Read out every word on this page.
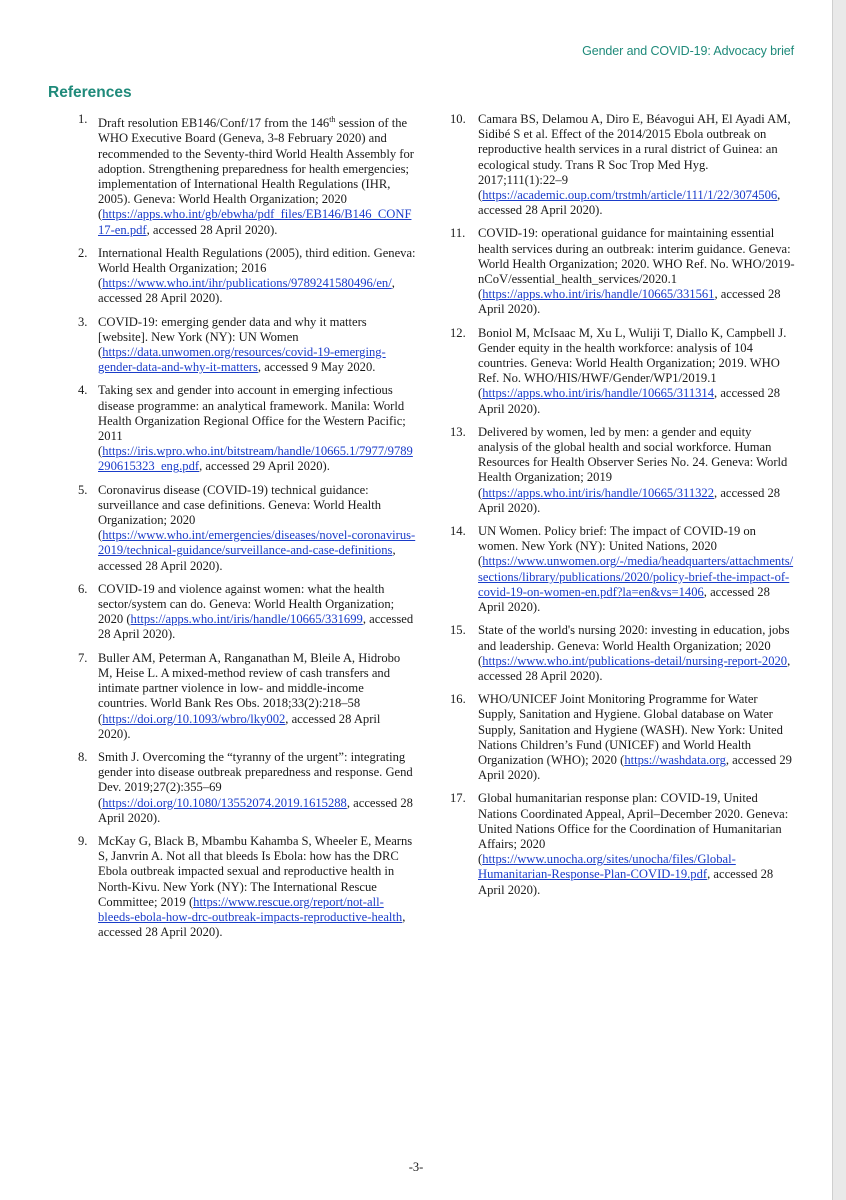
Gender and COVID-19: Advocacy brief
References
1. Draft resolution EB146/Conf/17 from the 146th session of the WHO Executive Board (Geneva, 3-8 February 2020) and recommended to the Seventy-third World Health Assembly for adoption. Strengthening preparedness for health emergencies; implementation of International Health Regulations (IHR, 2005). Geneva: World Health Organization; 2020 (https://apps.who.int/gb/ebwha/pdf_files/EB146/B146_CONF17-en.pdf, accessed 28 April 2020).
2. International Health Regulations (2005), third edition. Geneva: World Health Organization; 2016 (https://www.who.int/ihr/publications/9789241580496/en/, accessed 28 April 2020).
3. COVID-19: emerging gender data and why it matters [website]. New York (NY): UN Women (https://data.unwomen.org/resources/covid-19-emerging-gender-data-and-why-it-matters, accessed 9 May 2020.
4. Taking sex and gender into account in emerging infectious disease programme: an analytical framework. Manila: World Health Organization Regional Office for the Western Pacific; 2011 (https://iris.wpro.who.int/bitstream/handle/10665.1/7977/9789290615323_eng.pdf, accessed 29 April 2020).
5. Coronavirus disease (COVID-19) technical guidance: surveillance and case definitions. Geneva: World Health Organization; 2020 (https://www.who.int/emergencies/diseases/novel-coronavirus-2019/technical-guidance/surveillance-and-case-definitions, accessed 28 April 2020).
6. COVID-19 and violence against women: what the health sector/system can do. Geneva: World Health Organization; 2020 (https://apps.who.int/iris/handle/10665/331699, accessed 28 April 2020).
7. Buller AM, Peterman A, Ranganathan M, Bleile A, Hidrobo M, Heise L. A mixed-method review of cash transfers and intimate partner violence in low- and middle-income countries. World Bank Res Obs. 2018;33(2):218–58 (https://doi.org/10.1093/wbro/lky002, accessed 28 April 2020).
8. Smith J. Overcoming the “tyranny of the urgent”: integrating gender into disease outbreak preparedness and response. Gend Dev. 2019;27(2):355–69 (https://doi.org/10.1080/13552074.2019.1615288, accessed 28 April 2020).
9. McKay G, Black B, Mbambu Kahamba S, Wheeler E, Mearns S, Janvrin A. Not all that bleeds Is Ebola: how has the DRC Ebola outbreak impacted sexual and reproductive health in North-Kivu. New York (NY): The International Rescue Committee; 2019 (https://www.rescue.org/report/not-all-bleeds-ebola-how-drc-outbreak-impacts-reproductive-health, accessed 28 April 2020).
10. Camara BS, Delamou A, Diro E, Béavogui AH, El Ayadi AM, Sidibé S et al. Effect of the 2014/2015 Ebola outbreak on reproductive health services in a rural district of Guinea: an ecological study. Trans R Soc Trop Med Hyg. 2017;111(1):22–9 (https://academic.oup.com/trstmh/article/111/1/22/3074506, accessed 28 April 2020).
11. COVID-19: operational guidance for maintaining essential health services during an outbreak: interim guidance. Geneva: World Health Organization; 2020. WHO Ref. No. WHO/2019-nCoV/essential_health_services/2020.1 (https://apps.who.int/iris/handle/10665/331561, accessed 28 April 2020).
12. Boniol M, McIsaac M, Xu L, Wuliji T, Diallo K, Campbell J. Gender equity in the health workforce: analysis of 104 countries. Geneva: World Health Organization; 2019. WHO Ref. No. WHO/HIS/HWF/Gender/WP1/2019.1 (https://apps.who.int/iris/handle/10665/311314, accessed 28 April 2020).
13. Delivered by women, led by men: a gender and equity analysis of the global health and social workforce. Human Resources for Health Observer Series No. 24. Geneva: World Health Organization; 2019 (https://apps.who.int/iris/handle/10665/311322, accessed 28 April 2020).
14. UN Women. Policy brief: The impact of COVID-19 on women. New York (NY): United Nations, 2020 (https://www.unwomen.org/-/media/headquarters/attachments/sections/library/publications/2020/policy-brief-the-impact-of-covid-19-on-women-en.pdf?la=en&vs=1406, accessed 28 April 2020).
15. State of the world's nursing 2020: investing in education, jobs and leadership. Geneva: World Health Organization; 2020 (https://www.who.int/publications-detail/nursing-report-2020, accessed 28 April 2020).
16. WHO/UNICEF Joint Monitoring Programme for Water Supply, Sanitation and Hygiene. Global database on Water Supply, Sanitation and Hygiene (WASH). New York: United Nations Children’s Fund (UNICEF) and World Health Organization (WHO); 2020 (https://washdata.org, accessed 29 April 2020).
17. Global humanitarian response plan: COVID-19, United Nations Coordinated Appeal, April–December 2020. Geneva: United Nations Office for the Coordination of Humanitarian Affairs; 2020 (https://www.unocha.org/sites/unocha/files/Global-Humanitarian-Response-Plan-COVID-19.pdf, accessed 28 April 2020).
-3-
